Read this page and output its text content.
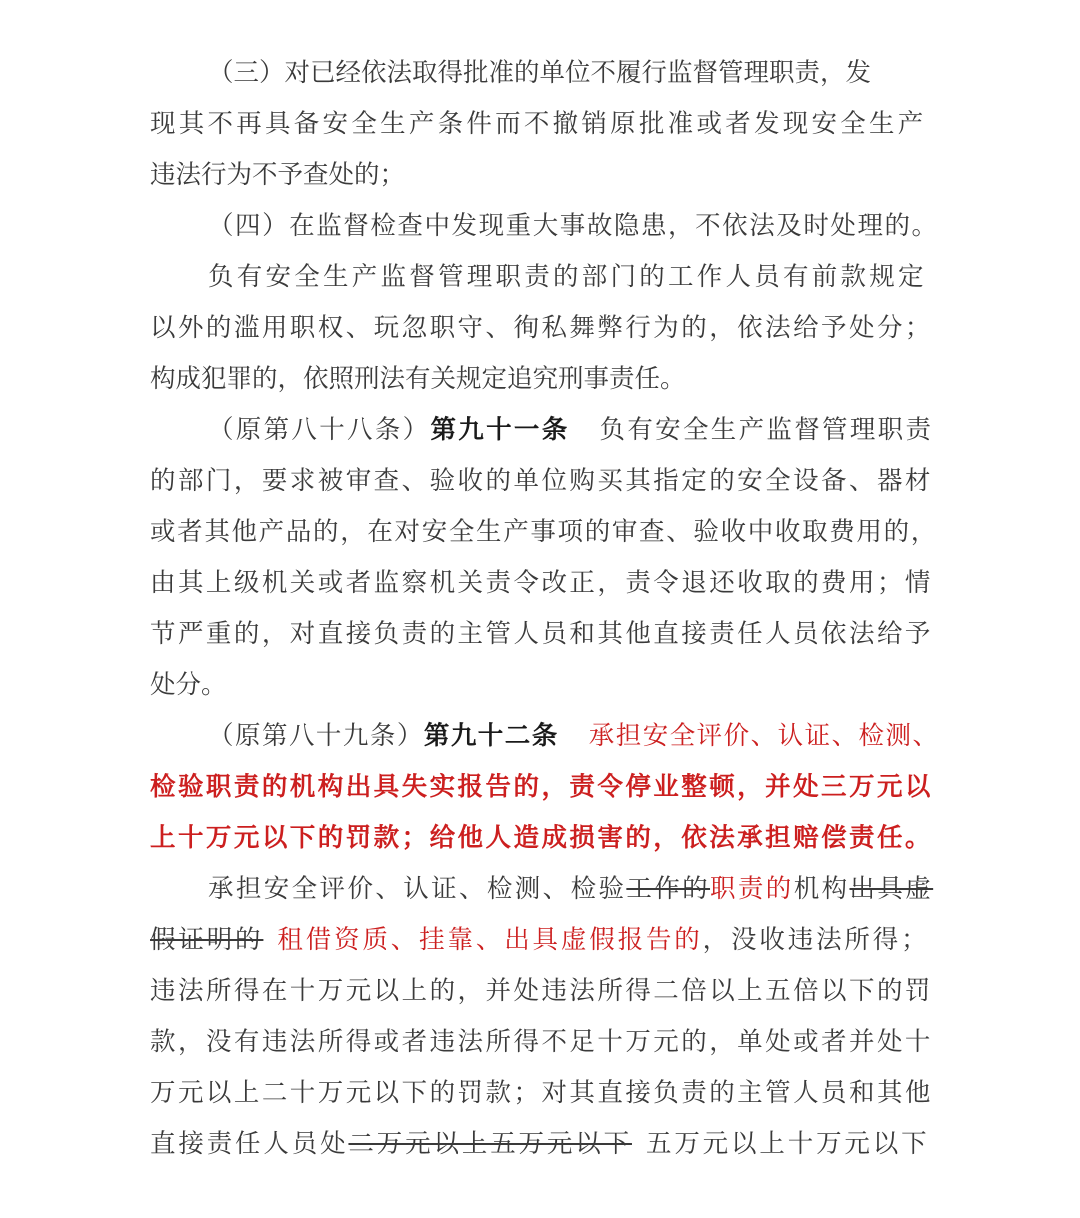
（三）对已经依法取得批准的单位不履行监督管理职责，发
现其不再具备安全生产条件而不撤销原批准或者发现安全生产
违法行为不予查处的；
（四）在监督检查中发现重大事故隐患，不依法及时处理的。
负有安全生产监督管理职责的部门的工作人员有前款规定
以外的滥用职权、玩忽职守、徇私舞弊行为的，依法给予处分；
构成犯罪的，依照刑法有关规定追究刑事责任。
（原第八十八条）第九十一条 负有安全生产监督管理职责
的部门，要求被审查、验收的单位购买其指定的安全设备、器材
或者其他产品的，在对安全生产事项的审查、验收中收取费用的，
由其上级机关或者监察机关责令改正，责令退还收取的费用；情
节严重的，对直接负责的主管人员和其他直接责任人员依法给予
处分。
（原第八十九条）第九十二条 承担安全评价、认证、检测、
检验职责的机构出具失实报告的，责令停业整顿，并处三万元以
上十万元以下的罚款；给他人造成损害的，依法承担赔偿责任。
承担安全评价、认证、检测、检验工作的职责的机构出具虚
假证明的 租借资质、挂靠、出具虚假报告的，没收违法所得；
违法所得在十万元以上的，并处违法所得二倍以上五倍以下的罚
款，没有违法所得或者违法所得不足十万元的，单处或者并处十
万元以上二十万元以下的罚款；对其直接负责的主管人员和其他
直接责任人员处二万元以上五万元以下 五万元以上十万元以下
